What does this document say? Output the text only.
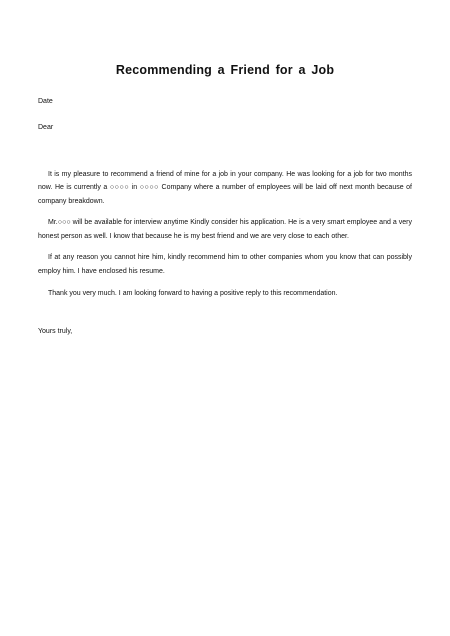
Recommending a Friend for a Job
Date
Dear

It is my pleasure to recommend a friend of mine for a job in your company. He was looking for a job for two months now. He is currently a ○○○○ in ○○○○ Company where a number of employees will be laid off next month because of company breakdown.

Mr.○○○ will be available for interview anytime Kindly consider his application. He is a very smart employee and a very honest person as well. I know that because he is my best friend and we are very close to each other.

If at any reason you cannot hire him, kindly recommend him to other companies whom you know that can possibly employ him. I have enclosed his resume.

Thank you very much. I am looking forward to having a positive reply to this recommendation.

Yours truly,
